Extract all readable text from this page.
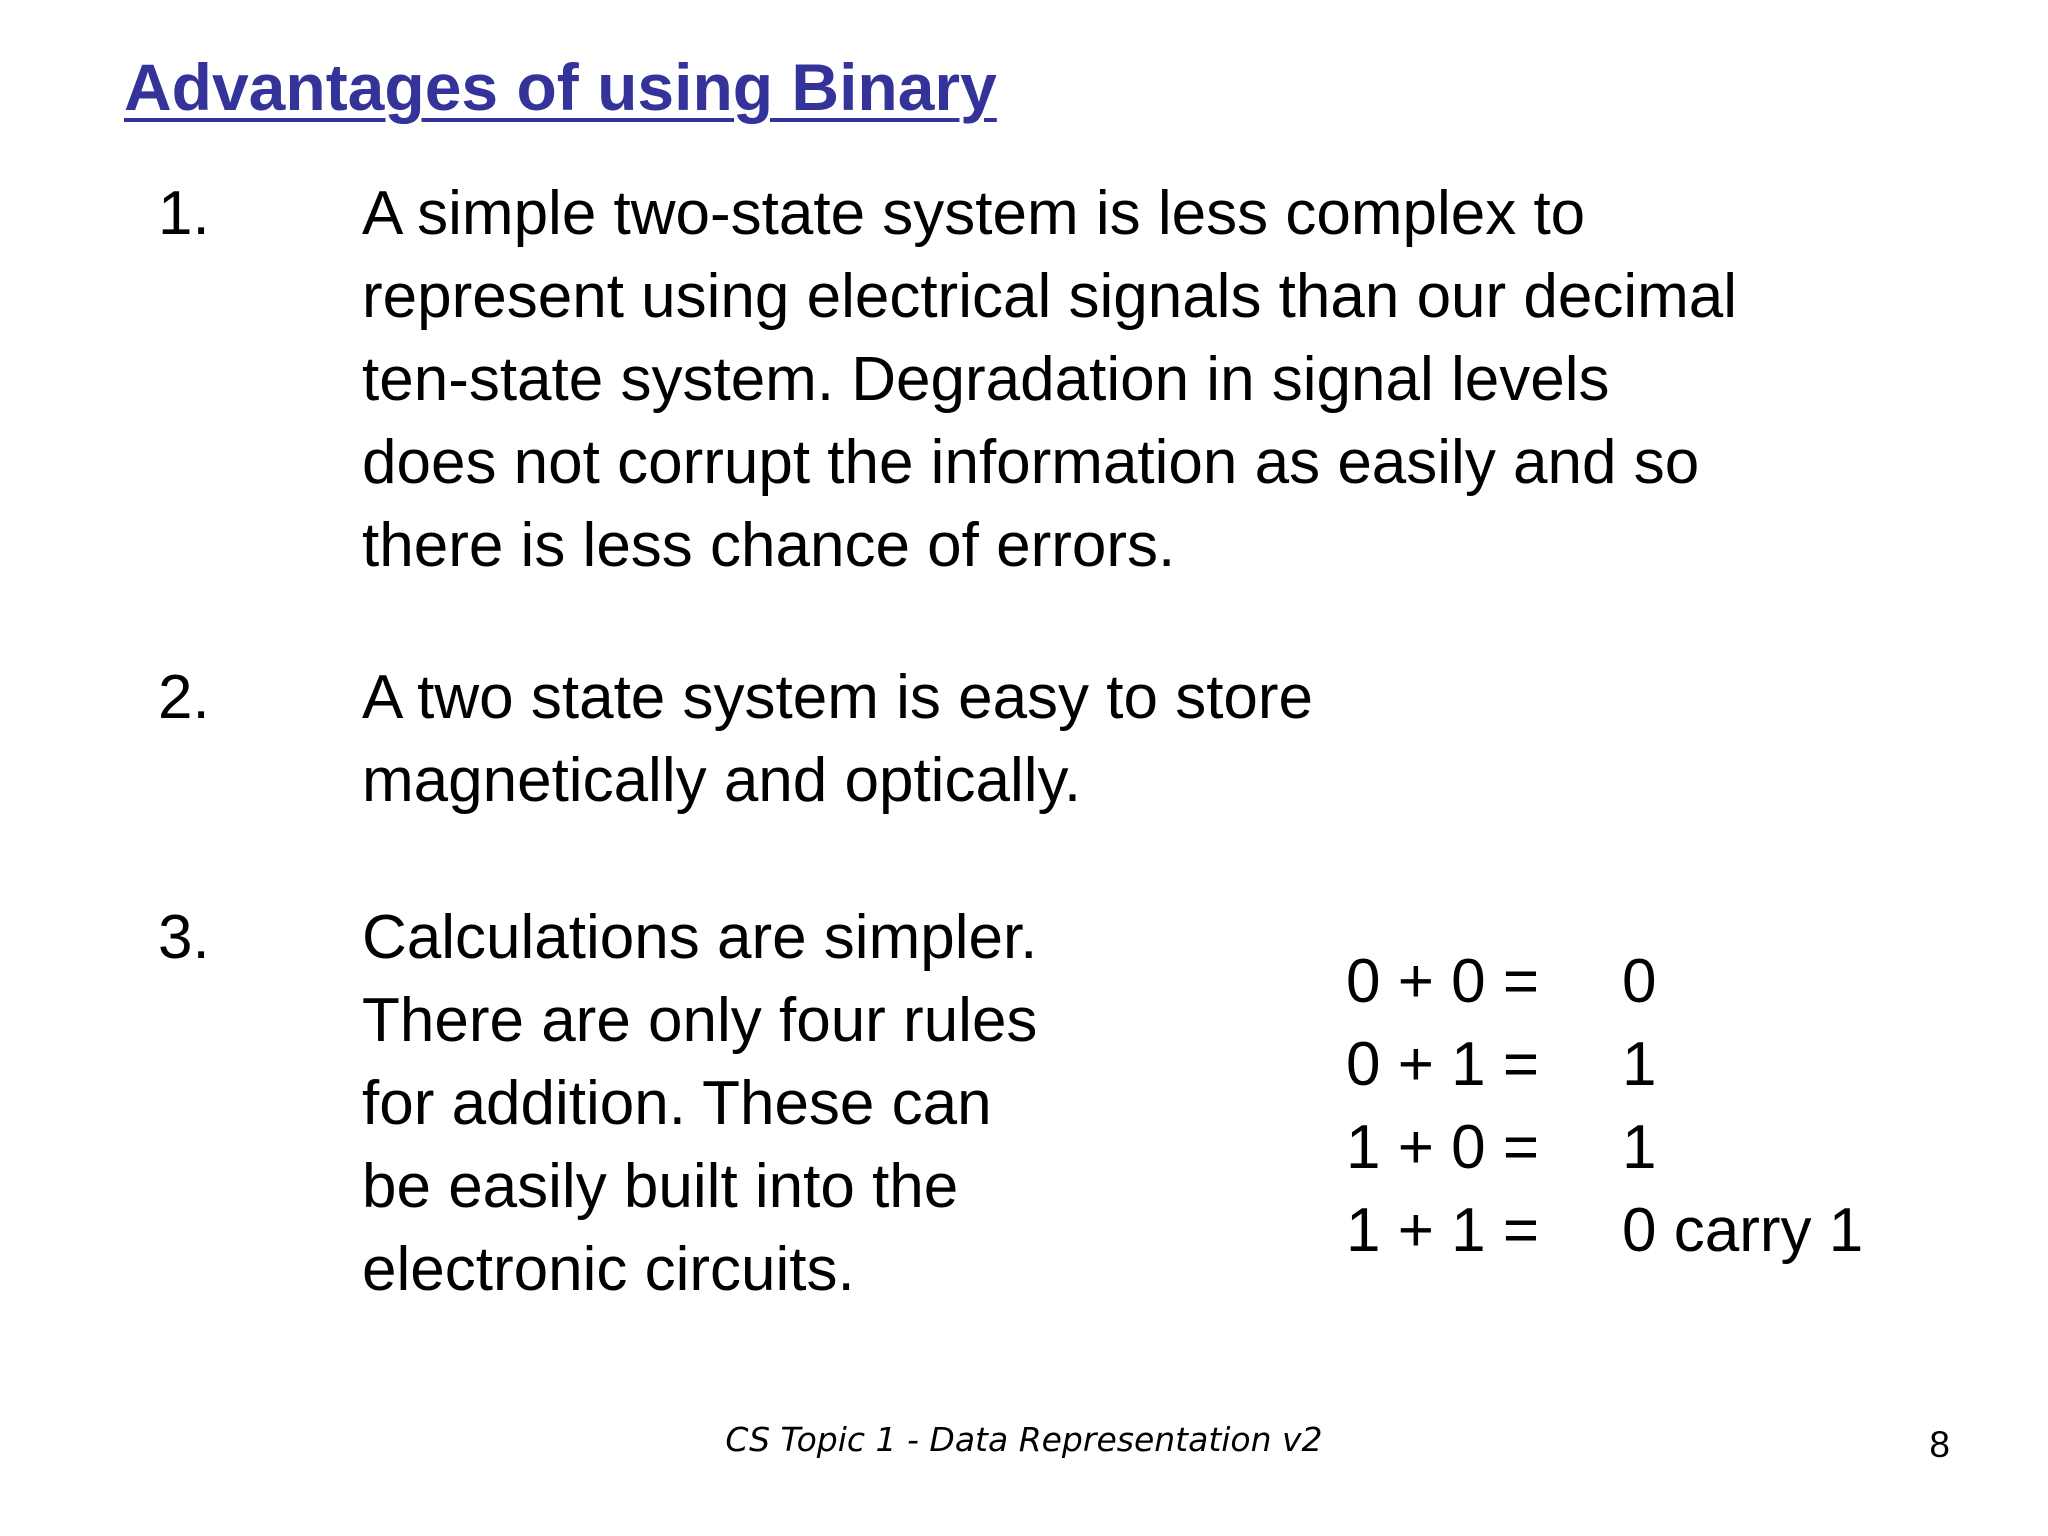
Advantages of using Binary
1.	A simple two-state system is less complex to
represent using electrical signals than our decimal
ten-state system. Degradation in signal levels
does not corrupt the information as easily and so
there is less chance of errors.
2.	A two state system is easy to store
magnetically and optically.
3.	Calculations are simpler.
There are only four rules
for addition. These can
be easily built into the
electronic circuits.
0 + 0 = 0
0 + 1 = 1
1 + 0 = 1
1 + 1 = 0 carry 1
CS Topic 1 - Data Representation v2	8
